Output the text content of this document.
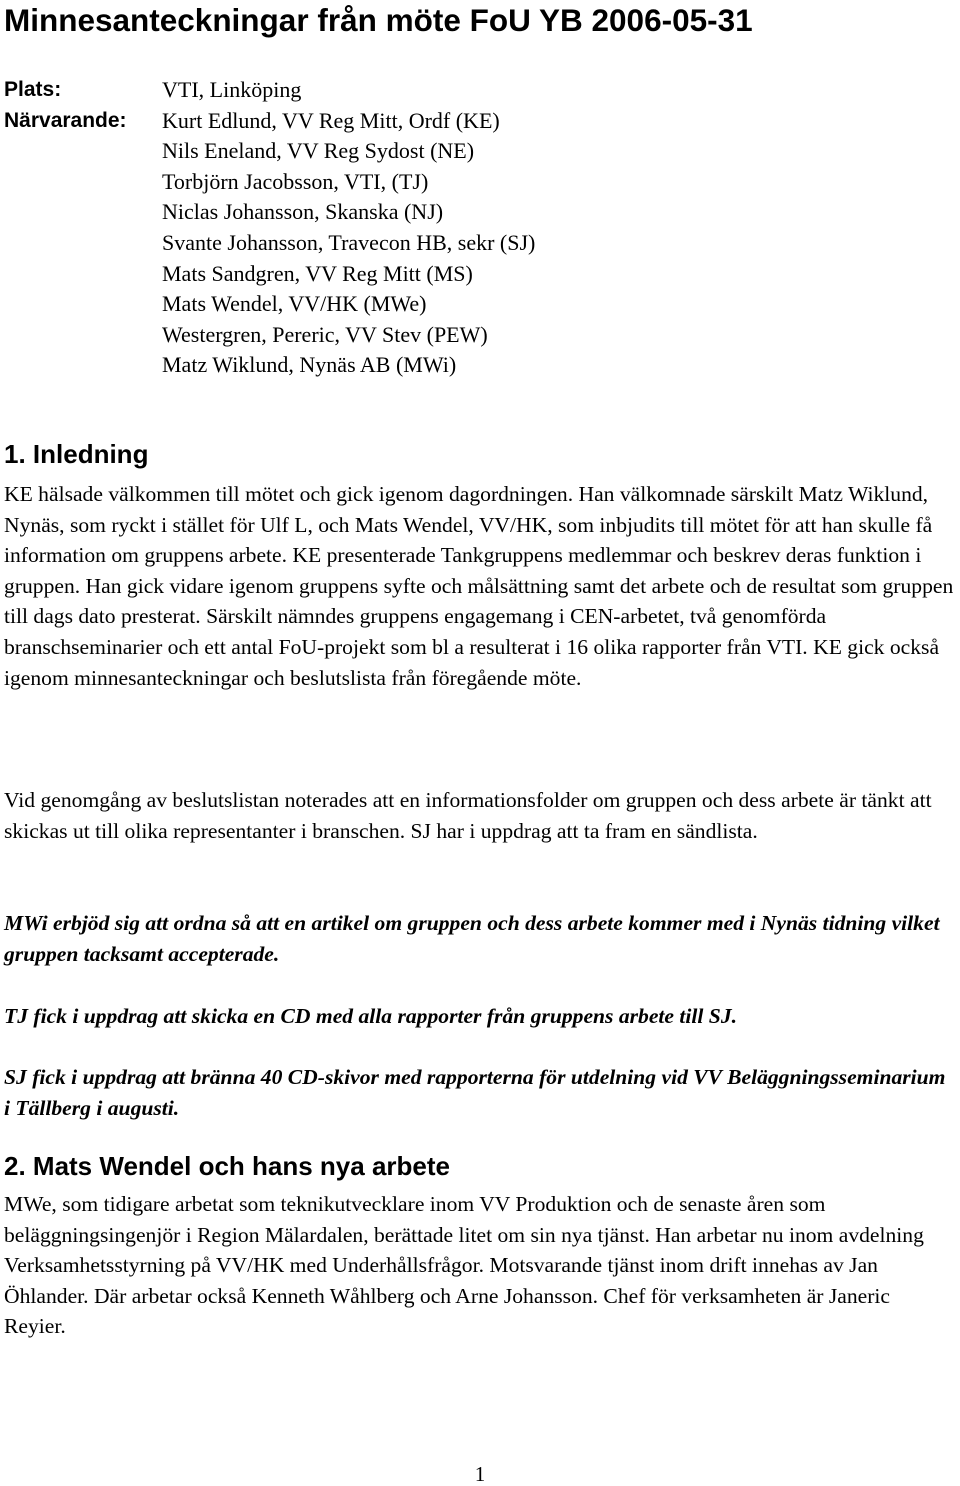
Minnesanteckningar från möte FoU YB 2006-05-31
Plats:	VTI, Linköping
Närvarande:	Kurt Edlund, VV Reg Mitt, Ordf (KE)
Nils Eneland, VV Reg Sydost (NE)
Torbjörn Jacobsson, VTI, (TJ)
Niclas Johansson, Skanska (NJ)
Svante Johansson, Travecon HB, sekr (SJ)
Mats Sandgren, VV Reg Mitt (MS)
Mats Wendel, VV/HK (MWe)
Westergren, Pereric, VV Stev (PEW)
Matz Wiklund, Nynäs AB (MWi)
1. Inledning

KE hälsade välkommen till mötet och gick igenom dagordningen. Han välkomnade särskilt Matz Wiklund, Nynäs, som ryckt i stället för Ulf L, och Mats Wendel, VV/HK, som inbjudits till mötet för att han skulle få information om gruppens arbete. KE presenterade Tankgruppens medlemmar och beskrev deras funktion i gruppen. Han gick vidare igenom gruppens syfte och målsättning samt det arbete och de resultat som gruppen till dags dato presterat. Särskilt nämndes gruppens engagemang i CEN-arbetet, två genomförda branschseminarier och ett antal FoU-projekt som bl a resulterat i 16 olika rapporter från VTI. KE gick också igenom minnesanteckningar och beslutslista från föregående möte.

Vid genomgång av beslutslistan noterades att en informationsfolder om gruppen och dess arbete är tänkt att skickas ut till olika representanter i branschen. SJ har i uppdrag att ta fram en sändlista.

MWi erbjöd sig att ordna så att en artikel om gruppen och dess arbete kommer med i Nynäs tidning vilket gruppen tacksamt accepterade.

TJ fick i uppdrag att skicka en CD med alla rapporter från gruppens arbete till SJ.

SJ fick i uppdrag att bränna 40 CD-skivor med rapporterna för utdelning vid VV Beläggningsseminarium i Tällberg i augusti.

2. Mats Wendel och hans nya arbete

MWe, som tidigare arbetat som teknikutvecklare inom VV Produktion och de senaste åren som beläggningsingenjör i Region Mälardalen, berättade litet om sin nya tjänst. Han arbetar nu inom avdelning Verksamhetsstyrning på VV/HK med Underhållsfrågor. Motsvarande tjänst inom drift innehas av Jan Öhlander. Där arbetar också Kenneth Wåhlberg och Arne Johansson. Chef för verksamheten är Janeric Reyier.

1
